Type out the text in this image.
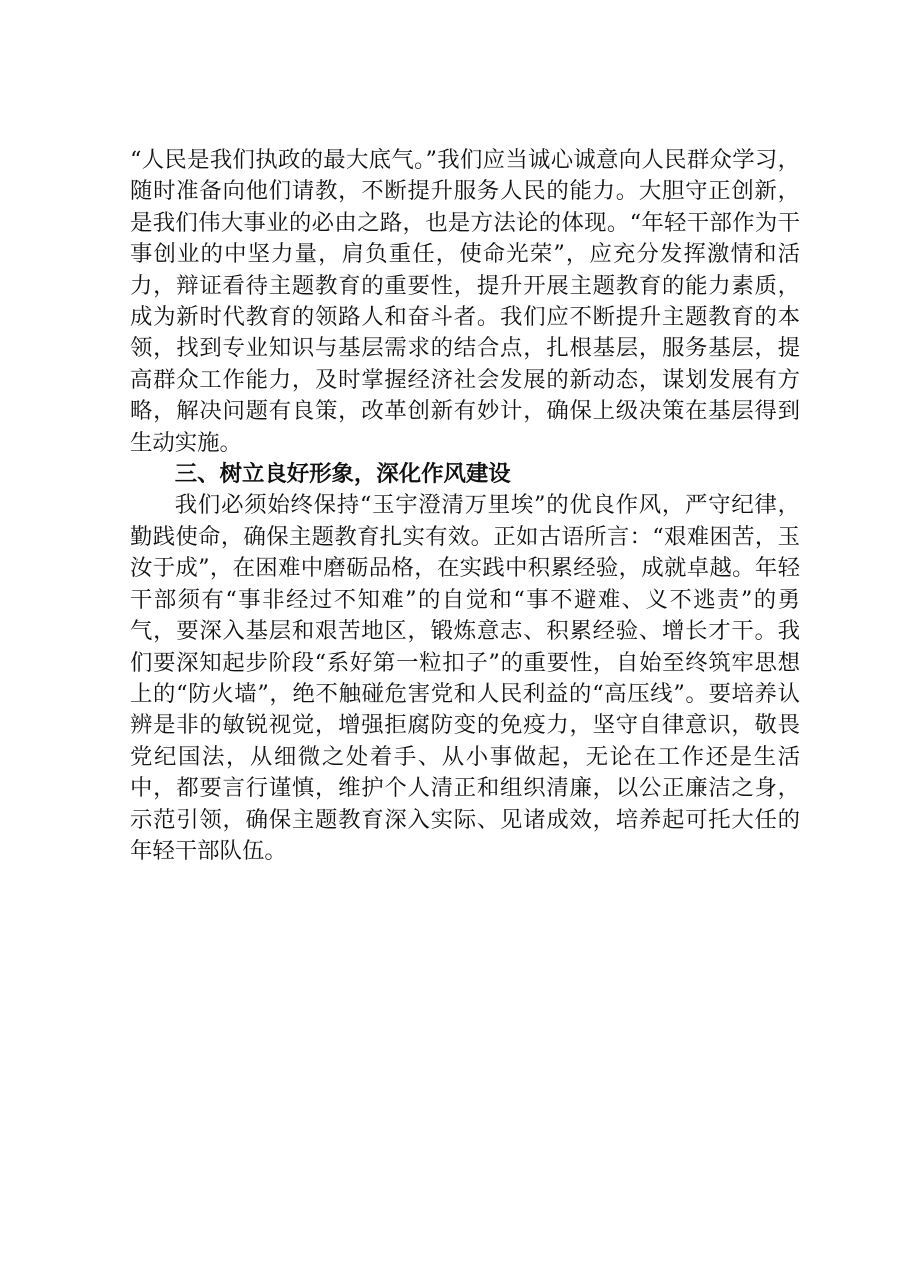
“人民是我们执政的最大底气。”我们应当诚心诚意向人民群众学习，随时准备向他们请教，不断提升服务人民的能力。大胆守正创新，是我们伟大事业的必由之路，也是方法论的体现。“年轻干部作为干事创业的中坚力量，肩负重任，使命光荣”，应充分发挥激情和活力，辩证看待主题教育的重要性，提升开展主题教育的能力素质，成为新时代教育的领路人和奋斗者。我们应不断提升主题教育的本领，找到专业知识与基层需求的结合点，扎根基层，服务基层，提高群众工作能力，及时掌握经济社会发展的新动态，谋划发展有方略，解决问题有良策，改革创新有妙计，确保上级决策在基层得到生动实施。

三、树立良好形象，深化作风建设

我们必须始终保持“玉宇澄清万里埃”的优良作风，严守纪律，勤践使命，确保主题教育扎实有效。正如古语所言：“艰难困苦，玉汝于成”，在困难中磨砺品格，在实践中积累经验，成就卓越。年轻干部须有“事非经过不知难”的自觉和“事不避难、义不逃责”的勇气，要深入基层和艰苦地区，锻炼意志、积累经验、增长才干。我们要深知起步阶段“系好第一粒扣子”的重要性，自始至终筑牢思想上的“防火墙”，绝不触碰危害党和人民利益的“高压线”。要培养认辨是非的敏锐视觉，增强拒腐防变的免疫力，坚守自律意识，敬畏党纪国法，从细微之处着手、从小事做起，无论在工作还是生活中，都要言行谨慎，维护个人清正和组织清廉，以公正廉洁之身，示范引领，确保主题教育深入实际、见诸成效，培养起可托大任的年轻干部队伍。
